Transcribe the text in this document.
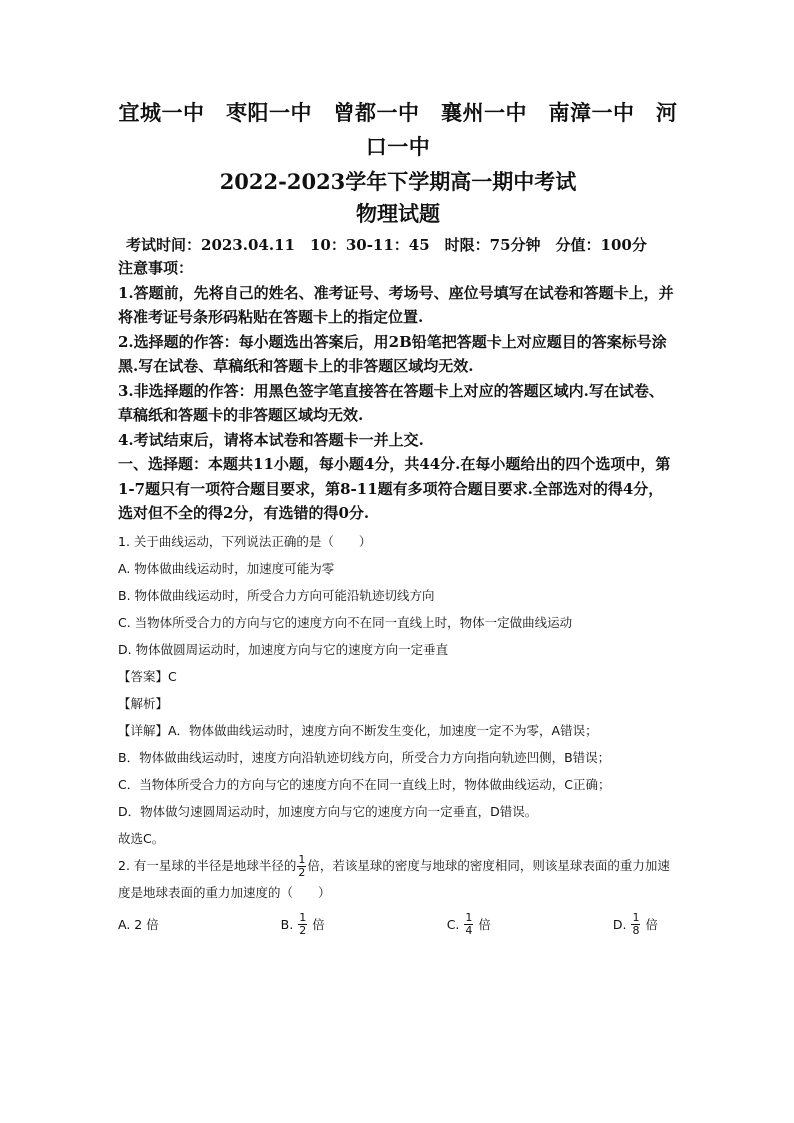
宜城一中　枣阳一中　曾都一中　襄州一中　南漳一中　河
口一中
2022-2023学年下学期高一期中考试
物理试题
考试时间：2023.04.11　10：30-11：45　时限：75分钟　分值：100分
注意事项：
1.答题前，先将自己的姓名、准考证号、考场号、座位号填写在试卷和答题卡上，并将准考证号条形码粘贴在答题卡上的指定位置.
2.选择题的作答：每小题选出答案后，用2B铅笔把答题卡上对应题目的答案标号涂黑.写在试卷、草稿纸和答题卡上的非答题区域均无效.
3.非选择题的作答：用黑色签字笔直接答在答题卡上对应的答题区域内.写在试卷、草稿纸和答题卡的非答题区域均无效.
4.考试结束后，请将本试卷和答题卡一并上交.
一、选择题：本题共11小题，每小题4分，共44分.在每小题给出的四个选项中，第1-7题只有一项符合题目要求，第8-11题有多项符合题目要求.全部选对的得4分，选对但不全的得2分，有选错的得0分.
1. 关于曲线运动，下列说法正确的是（　　）
A. 物体做曲线运动时，加速度可能为零
B. 物体做曲线运动时，所受合力方向可能沿轨迹切线方向
C. 当物体所受合力的方向与它的速度方向不在同一直线上时，物体一定做曲线运动
D. 物体做圆周运动时，加速度方向与它的速度方向一定垂直
【答案】C
【解析】
【详解】A．物体做曲线运动时，速度方向不断发生变化，加速度一定不为零，A错误；
B．物体做曲线运动时，速度方向沿轨迹切线方向，所受合力方向指向轨迹凹侧，B错误；
C．当物体所受合力的方向与它的速度方向不在同一直线上时，物体做曲线运动，C正确；
D．物体做匀速圆周运动时，加速度方向与它的速度方向一定垂直，D错误。
故选C。
2. 有一星球的半径是地球半径的 $\frac{1}{2}$ 倍，若该星球的密度与地球的密度相同，则该星球表面的重力加速度是地球表面的重力加速度的（　　）
A. 2 倍	B. $\frac{1}{2}$ 倍	C. $\frac{1}{4}$ 倍	D. $\frac{1}{8}$ 倍
